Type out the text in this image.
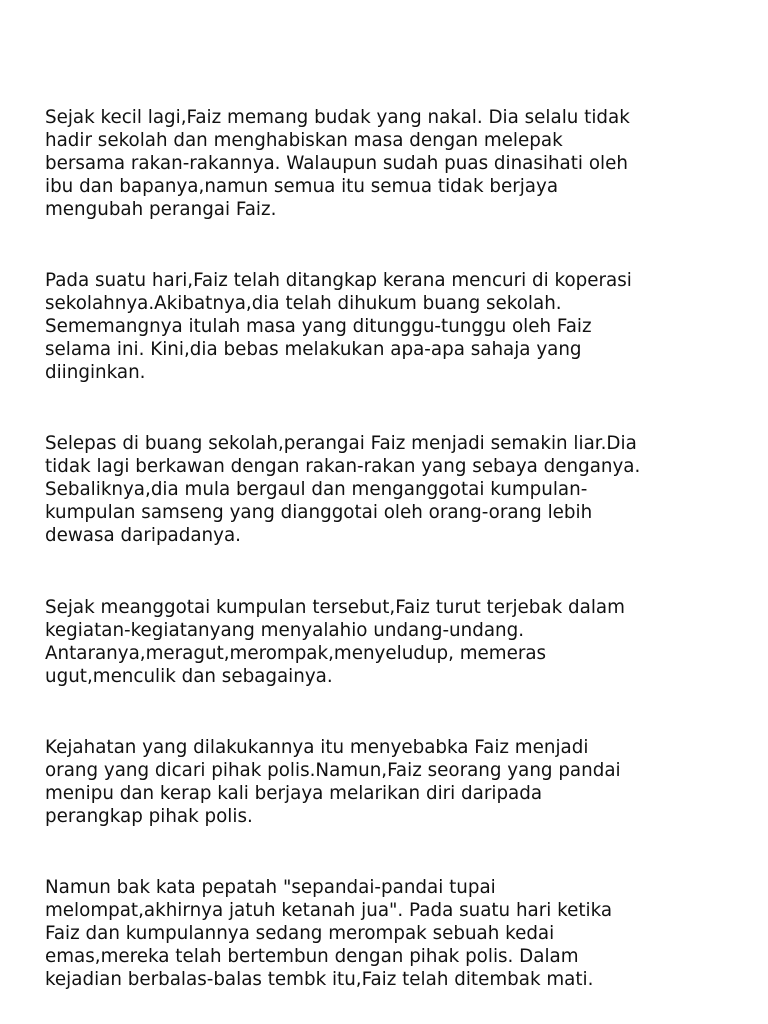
Sejak kecil lagi,Faiz memang budak yang nakal. Dia selalu tidak
hadir sekolah dan menghabiskan masa dengan melepak
bersama rakan-rakannya. Walaupun sudah puas dinasihati oleh
ibu dan bapanya,namun semua itu semua tidak berjaya
mengubah perangai Faiz.

Pada suatu hari,Faiz telah ditangkap kerana mencuri di koperasi
sekolahnya.Akibatnya,dia telah dihukum buang sekolah.
Sememangnya itulah masa yang ditunggu-tunggu oleh Faiz
selama ini. Kini,dia bebas melakukan apa-apa sahaja yang
diinginkan.

Selepas di buang sekolah,perangai Faiz menjadi semakin liar.Dia
tidak lagi berkawan dengan rakan-rakan yang sebaya denganya.
Sebaliknya,dia mula bergaul dan menganggotai kumpulan-
kumpulan samseng yang dianggotai oleh orang-orang lebih
dewasa daripadanya.

Sejak meanggotai kumpulan tersebut,Faiz turut terjebak dalam
kegiatan-kegiatanyang menyalahio undang-undang.
Antaranya,meragut,merompak,menyeludup, memeras
ugut,menculik dan sebagainya.

Kejahatan yang dilakukannya itu menyebabka Faiz menjadi
orang yang dicari pihak polis.Namun,Faiz seorang yang pandai
menipu dan kerap kali berjaya melarikan diri daripada
perangkap pihak polis.

Namun bak kata pepatah "sepandai-pandai tupai
melompat,akhirnya jatuh ketanah jua". Pada suatu hari ketika
Faiz dan kumpulannya sedang merompak sebuah kedai
emas,mereka telah bertembun dengan pihak polis. Dalam
kejadian berbalas-balas tembk itu,Faiz telah ditembak mati.
